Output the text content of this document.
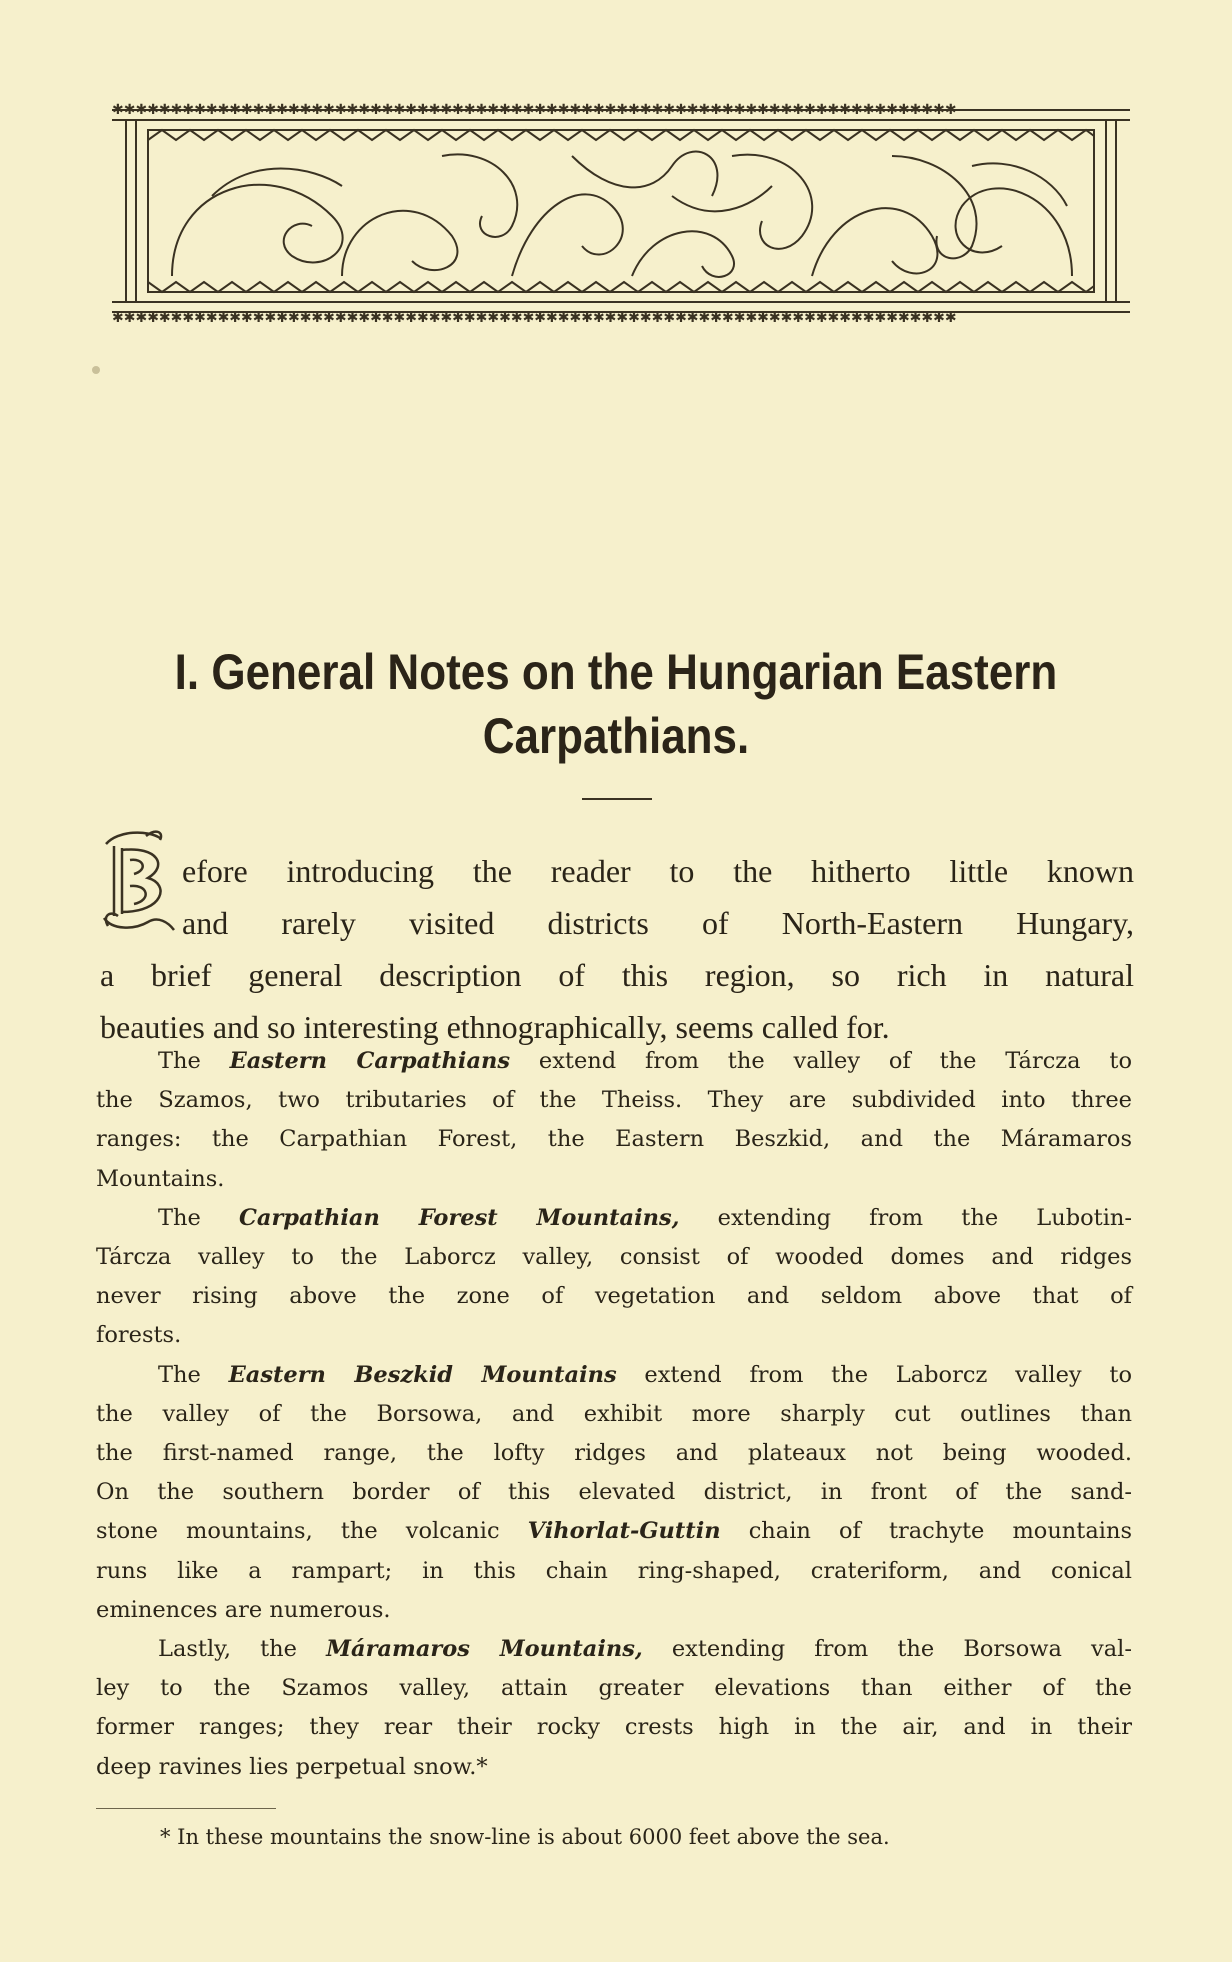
✱✱✱✱✱✱✱✱✱✱✱✱✱✱✱✱✱✱✱✱✱✱✱✱✱✱✱✱✱✱✱✱✱✱✱✱✱✱✱✱✱✱✱✱✱✱✱✱✱✱✱✱✱✱✱✱✱✱✱✱✱✱✱✱✱✱✱✱✱✱✱✱
✱✱✱✱✱✱✱✱✱✱✱✱✱✱✱✱✱✱✱✱✱✱✱✱✱✱✱✱✱✱✱✱✱✱✱✱✱✱✱✱✱✱✱✱✱✱✱✱✱✱✱✱✱✱✱✱✱✱✱✱✱✱✱✱✱✱✱✱✱✱✱✱
I. General Notes on the Hungarian Eastern
Carpathians.
efore introducing the reader to the hitherto little known
and rarely visited districts of North-Eastern Hungary,
a brief general description of this region, so rich in natural
beauties and so interesting ethnographically, seems called for.

The Eastern Carpathians extend from the valley of the Tárcza to
the Szamos, two tributaries of the Theiss. They are subdivided into three
ranges: the Carpathian Forest, the Eastern Beszkid, and the Máramaros
Mountains.

The Carpathian Forest Mountains, extending from the Lubotin-
Tárcza valley to the Laborcz valley, consist of wooded domes and ridges
never rising above the zone of vegetation and seldom above that of
forests.

The Eastern Beszkid Mountains extend from the Laborcz valley to
the valley of the Borsowa, and exhibit more sharply cut outlines than
the first-named range, the lofty ridges and plateaux not being wooded.
On the southern border of this elevated district, in front of the sand-
stone mountains, the volcanic Vihorlat-Guttin chain of trachyte mountains
runs like a rampart; in this chain ring-shaped, crateriform, and conical
eminences are numerous.

Lastly, the Máramaros Mountains, extending from the Borsowa val-
ley to the Szamos valley, attain greater elevations than either of the
former ranges; they rear their rocky crests high in the air, and in their
deep ravines lies perpetual snow.*

* In these mountains the snow-line is about 6000 feet above the sea.
